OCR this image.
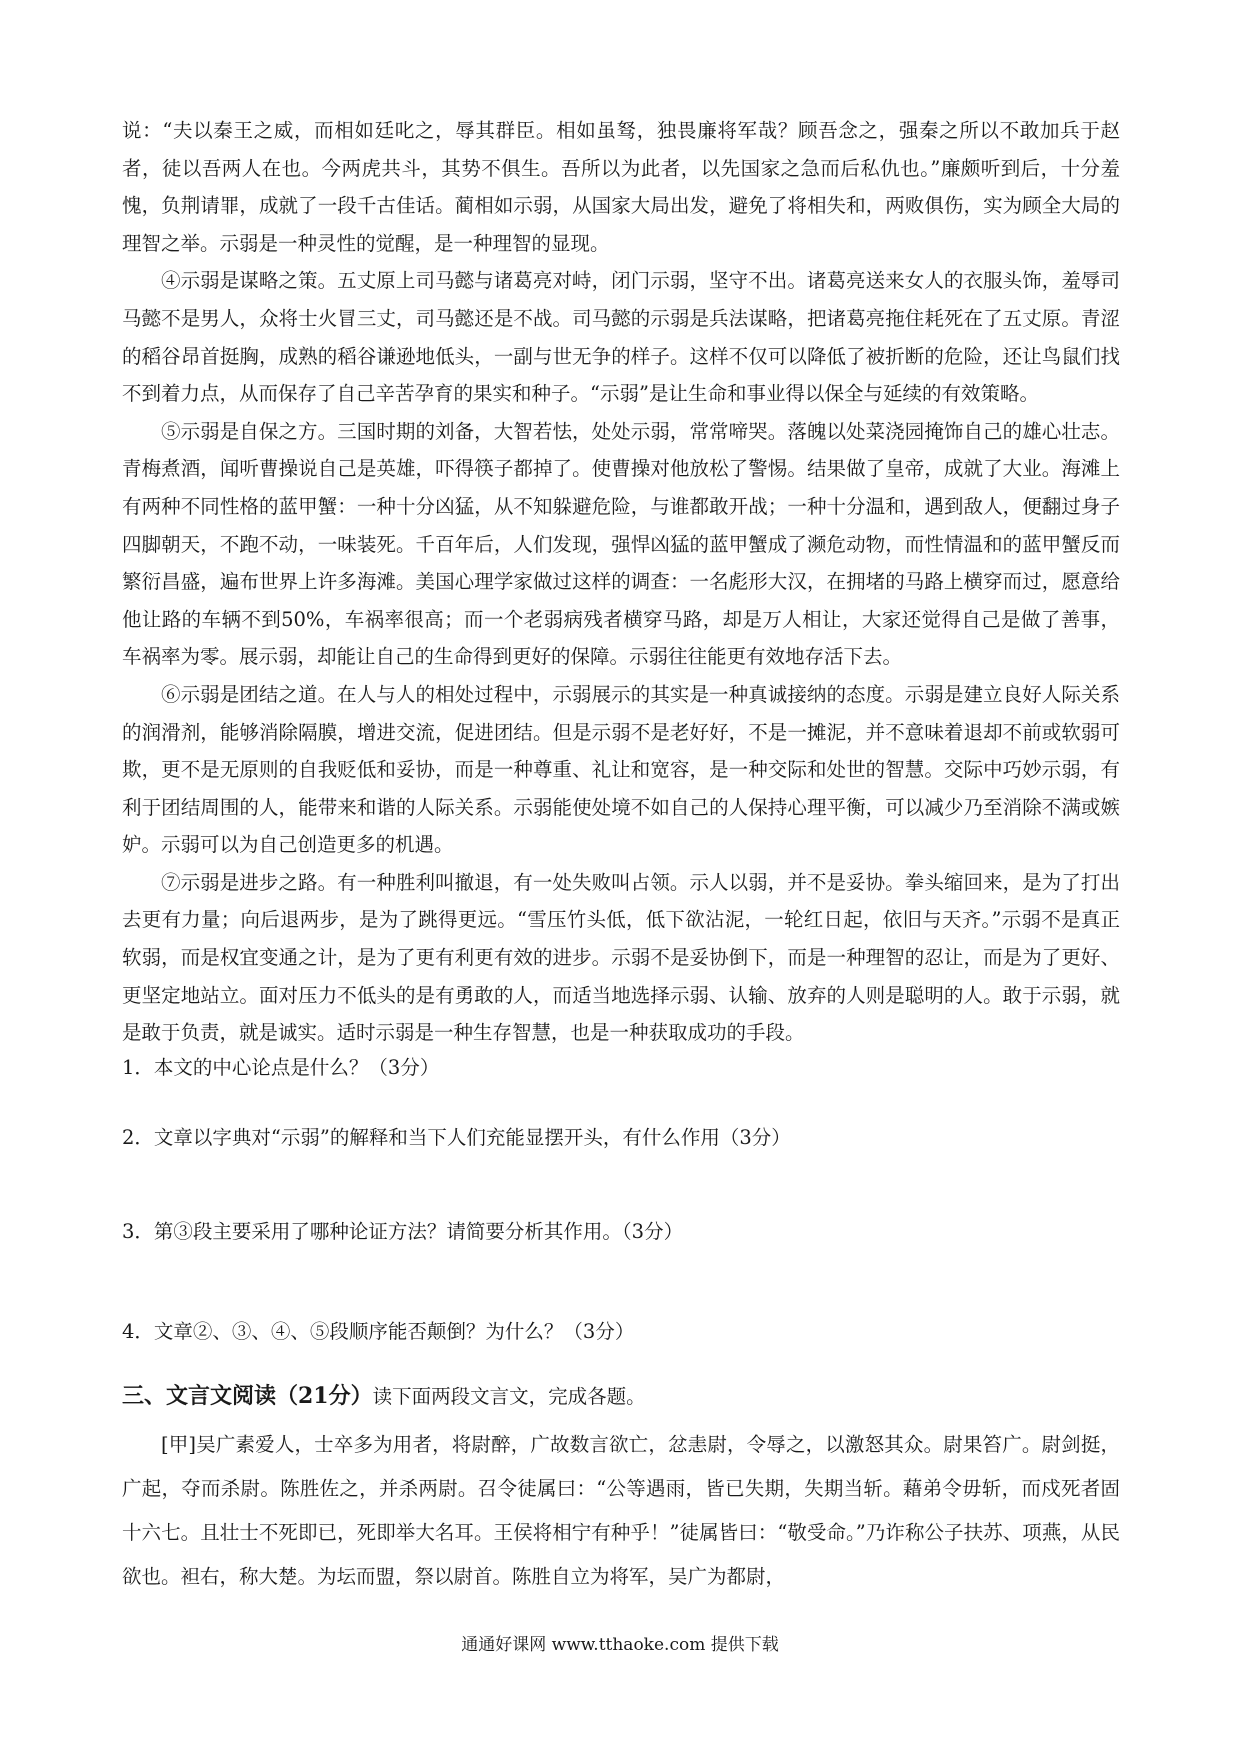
说：“夫以秦王之威，而相如廷叱之，辱其群臣。相如虽驽，独畏廉将军哉？顾吾念之，强秦之所以不敢加兵于赵者，徒以吾两人在也。今两虎共斗，其势不俱生。吾所以为此者，以先国家之急而后私仇也。”廉颇听到后，十分羞愧，负荆请罪，成就了一段千古佳话。蔺相如示弱，从国家大局出发，避免了将相失和，两败俱伤，实为顾全大局的理智之举。示弱是一种灵性的觉醒，是一种理智的显现。

④示弱是谋略之策。五丈原上司马懿与诸葛亮对峙，闭门示弱，坚守不出。诸葛亮送来女人的衣服头饰，羞辱司马懿不是男人，众将士火冒三丈，司马懿还是不战。司马懿的示弱是兵法谋略，把诸葛亮拖住耗死在了五丈原。青涩的稻谷昂首挺胸，成熟的稻谷谦逊地低头，一副与世无争的样子。这样不仅可以降低了被折断的危险，还让鸟鼠们找不到着力点，从而保存了自己辛苦孕育的果实和种子。“示弱”是让生命和事业得以保全与延续的有效策略。

⑤示弱是自保之方。三国时期的刘备，大智若怯，处处示弱，常常啼哭。落魄以处菜浇园掩饰自己的雄心壮志。青梅煮酒，闻听曹操说自己是英雄，吓得筷子都掉了。使曹操对他放松了警惕。结果做了皇帝，成就了大业。海滩上有两种不同性格的蓝甲蟹：一种十分凶猛，从不知躲避危险，与谁都敢开战；一种十分温和，遇到敌人，便翻过身子四脚朝天，不跑不动，一味装死。千百年后，人们发现，强悍凶猛的蓝甲蟹成了濒危动物，而性情温和的蓝甲蟹反而繁衍昌盛，遍布世界上许多海滩。美国心理学家做过这样的调查：一名彪形大汉，在拥堵的马路上横穿而过，愿意给他让路的车辆不到50%，车祸率很高；而一个老弱病残者横穿马路，却是万人相让，大家还觉得自己是做了善事，车祸率为零。展示弱，却能让自己的生命得到更好的保障。示弱往往能更有效地存活下去。

⑥示弱是团结之道。在人与人的相处过程中，示弱展示的其实是一种真诚接纳的态度。示弱是建立良好人际关系的润滑剂，能够消除隔膜，增进交流，促进团结。但是示弱不是老好好，不是一摊泥，并不意味着退却不前或软弱可欺，更不是无原则的自我贬低和妥协，而是一种尊重、礼让和宽容，是一种交际和处世的智慧。交际中巧妙示弱，有利于团结周围的人，能带来和谐的人际关系。示弱能使处境不如自己的人保持心理平衡，可以减少乃至消除不满或嫉妒。示弱可以为自己创造更多的机遇。

⑦示弱是进步之路。有一种胜利叫撤退，有一处失败叫占领。示人以弱，并不是妥协。拳头缩回来，是为了打出去更有力量；向后退两步，是为了跳得更远。“雪压竹头低，低下欲沾泥，一轮红日起，依旧与天齐。”示弱不是真正软弱，而是权宜变通之计，是为了更有利更有效的进步。示弱不是妥协倒下，而是一种理智的忍让，而是为了更好、更坚定地站立。面对压力不低头的是有勇敢的人，而适当地选择示弱、认输、放弃的人则是聪明的人。敢于示弱，就是敢于负责，就是诚实。适时示弱是一种生存智慧，也是一种获取成功的手段。

1．本文的中心论点是什么？（3分）

2．文章以字典对“示弱”的解释和当下人们充能显摆开头，有什么作用（3分）

3．第③段主要采用了哪种论证方法？请简要分析其作用。（3分）

4．文章②、③、④、⑤段顺序能否颠倒？为什么？（3分）

三、文言文阅读（21分）读下面两段文言文，完成各题。

[甲]吴广素爱人，士卒多为用者，将尉醉，广故数言欲亡，忿恚尉，令辱之，以激怒其众。尉果笞广。尉剑挺，广起，夺而杀尉。陈胜佐之，并杀两尉。召令徒属曰：“公等遇雨，皆已失期，失期当斩。藉弟令毋斩，而戍死者固十六七。且壮士不死即已，死即举大名耳。王侯将相宁有种乎！”徒属皆曰：“敬受命。”乃诈称公子扶苏、项燕，从民欲也。袒右，称大楚。为坛而盟，祭以尉首。陈胜自立为将军，吴广为都尉，

通通好课网 www.tthaoke.com 提供下载
